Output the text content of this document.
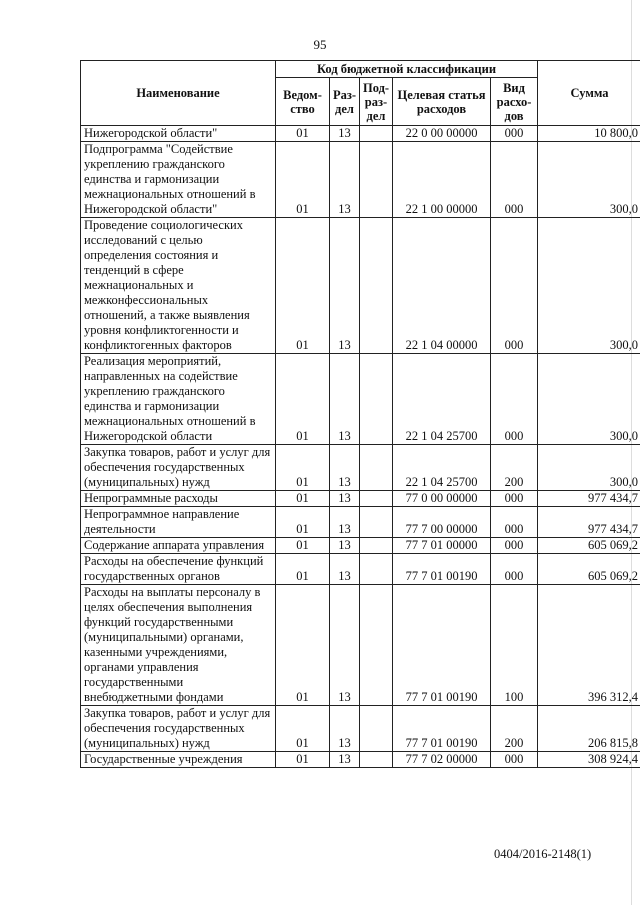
95
Наименование	Код бюджетной классификации					Сумма
	Ведом-ство	Раз-дел	Под-раз-дел	Целевая статья расходов	Вид расхо-дов	
Нижегородской области"	01	13		22 0 00 00000	000	10 800,0
Подпрограмма "Содействие укреплению гражданского единства и гармонизации межнациональных отношений в Нижегородской области"	01	13		22 1 00 00000	000	300,0
Проведение социологических исследований с целью определения состояния и тенденций в сфере межнациональных и межконфессиональных отношений, а также выявления уровня конфликтогенности и конфликтогенных факторов	01	13		22 1 04 00000	000	300,0
Реализация мероприятий, направленных на содействие укреплению гражданского единства и гармонизации межнациональных отношений в Нижегородской области	01	13		22 1 04 25700	000	300,0
Закупка товаров, работ и услуг для обеспечения государственных (муниципальных) нужд	01	13		22 1 04 25700	200	300,0
Непрограммные расходы	01	13		77 0 00 00000	000	977 434,7
Непрограммное направление деятельности	01	13		77 7 00 00000	000	977 434,7
Содержание аппарата управления	01	13		77 7 01 00000	000	605 069,2
Расходы на обеспечение функций государственных органов	01	13		77 7 01 00190	000	605 069,2
Расходы на выплаты персоналу в целях обеспечения выполнения функций государственными (муниципальными) органами, казенными учреждениями, органами управления государственными внебюджетными фондами	01	13		77 7 01 00190	100	396 312,4
Закупка товаров, работ и услуг для обеспечения государственных (муниципальных) нужд	01	13		77 7 01 00190	200	206 815,8
Государственные учреждения	01	13		77 7 02 00000	000	308 924,4
0404/2016-2148(1)
